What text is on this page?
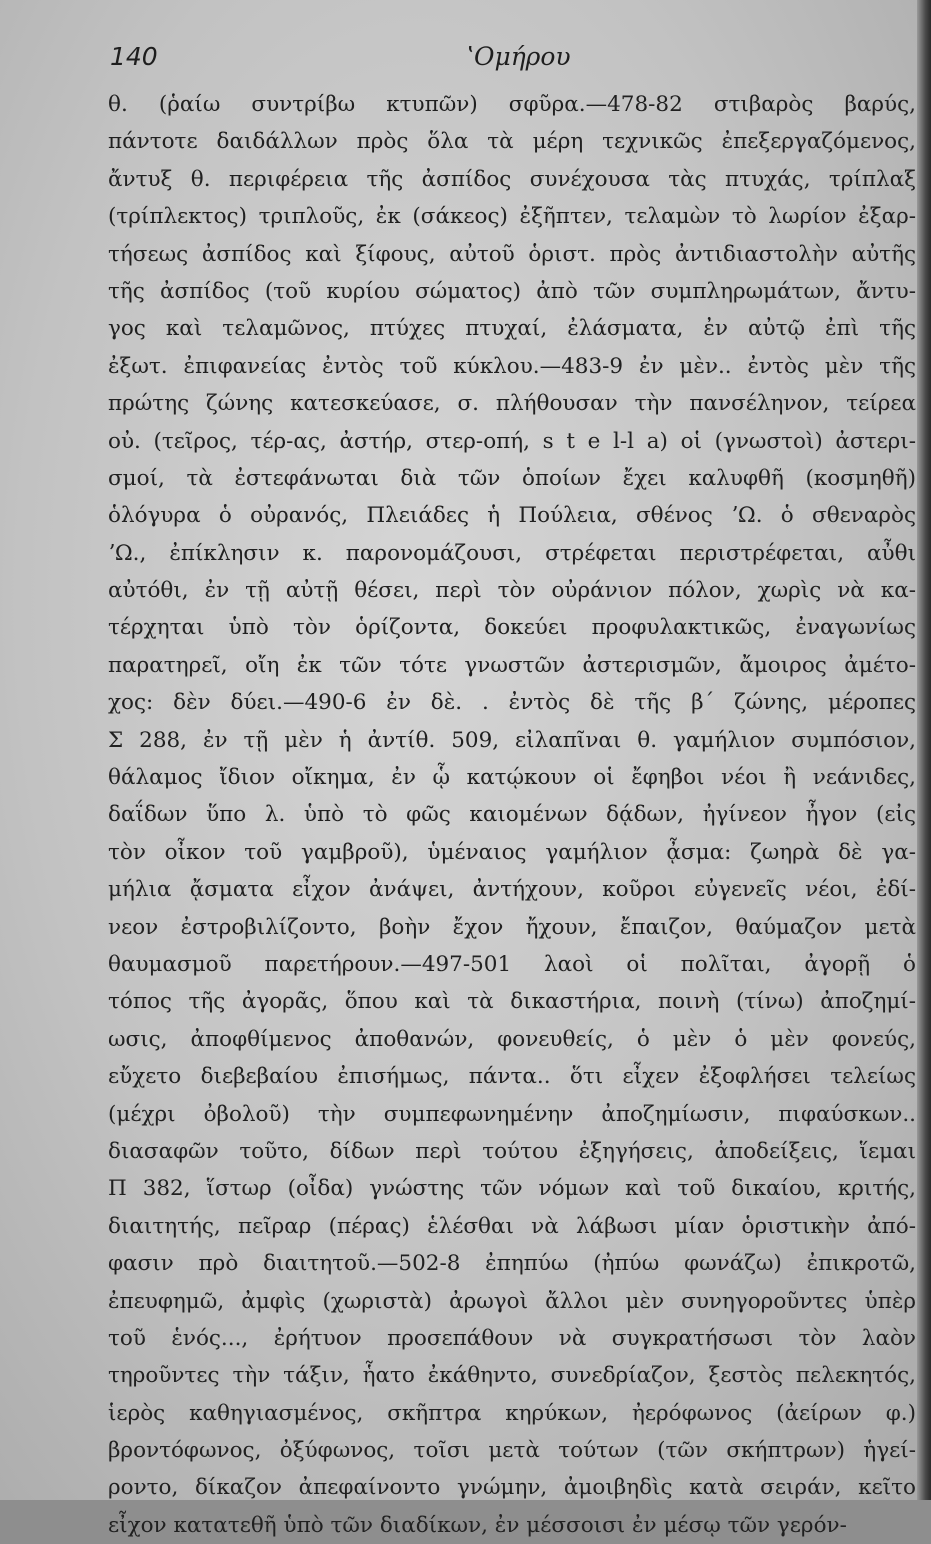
140	ʽΟμήρου
θ. (ῥαίω συντρίβω κτυπῶν) σφῦρα.—478-82 στιβαρὸς βαρύς,
πάντοτε δαιδάλλων πρὸς ὅλα τὰ μέρη τεχνικῶς ἐπεξεργαζόμενος,
ἄντυξ θ. περιφέρεια τῆς ἀσπίδος συνέχουσα τὰς πτυχάς, τρίπλαξ
(τρίπλεκτος) τριπλοῦς, ἐκ (σάκεος) ἐξῆπτεν, τελαμὼν τὸ λωρίον ἐξαρ-
τήσεως ἀσπίδος καὶ ξίφους, αὐτοῦ ὁριστ. πρὸς ἀντιδιαστολὴν αὐτῆς
τῆς ἀσπίδος (τοῦ κυρίου σώματος) ἀπὸ τῶν συμπληρωμάτων, ἄντυ-
γος καὶ τελαμῶνος, πτύχες πτυχαί, ἐλάσματα, ἐν αὐτῷ ἐπὶ τῆς
ἐξωτ. ἐπιφανείας ἐντὸς τοῦ κύκλου.—483-9 ἐν μὲν.. ἐντὸς μὲν τῆς
πρώτης ζώνης κατεσκεύασε, σ. πλήθουσαν τὴν πανσέληνον, τείρεα
οὐ. (τεῖρος, τέρ-ας, ἀστήρ, στερ-οπή, s t e l-l a) οἱ (γνωστοὶ) ἀστερι-
σμοί, τὰ ἐστεφάνωται διὰ τῶν ὁποίων ἔχει καλυφθῆ (κοσμηθῆ)
ὁλόγυρα ὁ οὐρανός, Πλειάδες ἡ Πούλεια, σθένος ʼΩ. ὁ σθεναρὸς
ʼΩ., ἐπίκλησιν κ. παρονομάζουσι, στρέφεται περιστρέφεται, αὖθι
αὐτόθι, ἐν τῇ αὐτῇ θέσει, περὶ τὸν οὐράνιον πόλον, χωρὶς νὰ κα-
τέρχηται ὑπὸ τὸν ὁρίζοντα, δοκεύει προφυλακτικῶς, ἐναγωνίως
παρατηρεῖ, οἴη ἐκ τῶν τότε γνωστῶν ἀστερισμῶν, ἄμοιρος ἀμέτο-
χος: δὲν δύει.—490-6 ἐν δὲ. . ἐντὸς δὲ τῆς β΄ ζώνης, μέροπες
Σ 288, ἐν τῇ μὲν ἡ ἀντίθ. 509, εἰλαπῖναι θ. γαμήλιον συμπόσιον,
θάλαμος ἴδιον οἴκημα, ἐν ᾧ κατῴκουν οἱ ἔφηβοι νέοι ἢ νεάνιδες,
δαΐδων ὕπο λ. ὑπὸ τὸ φῶς καιομένων δᾴδων, ἠγίνεον ἦγον (εἰς
τὸν οἶκον τοῦ γαμβροῦ), ὑμέναιος γαμήλιον ᾆσμα: ζωηρὰ δὲ γα-
μήλια ᾄσματα εἶχον ἀνάψει, ἀντήχουν, κοῦροι εὐγενεῖς νέοι, ἐδί-
νεον ἐστροβιλίζοντο, βοὴν ἔχον ἤχουν, ἔπαιζον, θαύμαζον μετὰ
θαυμασμοῦ παρετήρουν.—497-501 λαοὶ οἱ πολῖται, ἀγορῇ ὁ
τόπος τῆς ἀγορᾶς, ὅπου καὶ τὰ δικαστήρια, ποινὴ (τίνω) ἀποζημί-
ωσις, ἀποφθίμενος ἀποθανών, φονευθείς, ὁ μὲν ὁ μὲν φονεύς,
εὔχετο διεβεβαίου ἐπισήμως, πάντα.. ὅτι εἶχεν ἐξοφλήσει τελείως
(μέχρι ὀβολοῦ) τὴν συμπεφωνημένην ἀποζημίωσιν, πιφαύσκων..
διασαφῶν τοῦτο, δίδων περὶ τούτου ἐξηγήσεις, ἀποδείξεις, ἵεμαι
Π 382, ἵστωρ (οἶδα) γνώστης τῶν νόμων καὶ τοῦ δικαίου, κριτής,
διαιτητής, πεῖραρ (πέρας) ἑλέσθαι νὰ λάβωσι μίαν ὁριστικὴν ἀπό-
φασιν πρὸ διαιτητοῦ.—502-8 ἐπηπύω (ἠπύω φωνάζω) ἐπικροτῶ,
ἐπευφημῶ, ἀμφὶς (χωριστὰ) ἀρωγοὶ ἄλλοι μὲν συνηγοροῦντες ὑπὲρ
τοῦ ἑνός..., ἐρήτυον προσεπάθουν νὰ συγκρατήσωσι τὸν λαὸν
τηροῦντες τὴν τάξιν, ἧατο ἐκάθηντο, συνεδρίαζον, ξεστὸς πελεκητός,
ἱερὸς καθηγιασμένος, σκῆπτρα κηρύκων, ἠερόφωνος (ἀείρων φ.)
βροντόφωνος, ὀξύφωνος, τοῖσι μετὰ τούτων (τῶν σκήπτρων) ἡγεί-
ροντο, δίκαζον ἀπεφαίνοντο γνώμην, ἀμοιβηδὶς κατὰ σειράν, κεῖτο
εἶχον κατατεθῆ ὑπὸ τῶν διαδίκων, ἐν μέσσοισι ἐν μέσῳ τῶν γερόν-
